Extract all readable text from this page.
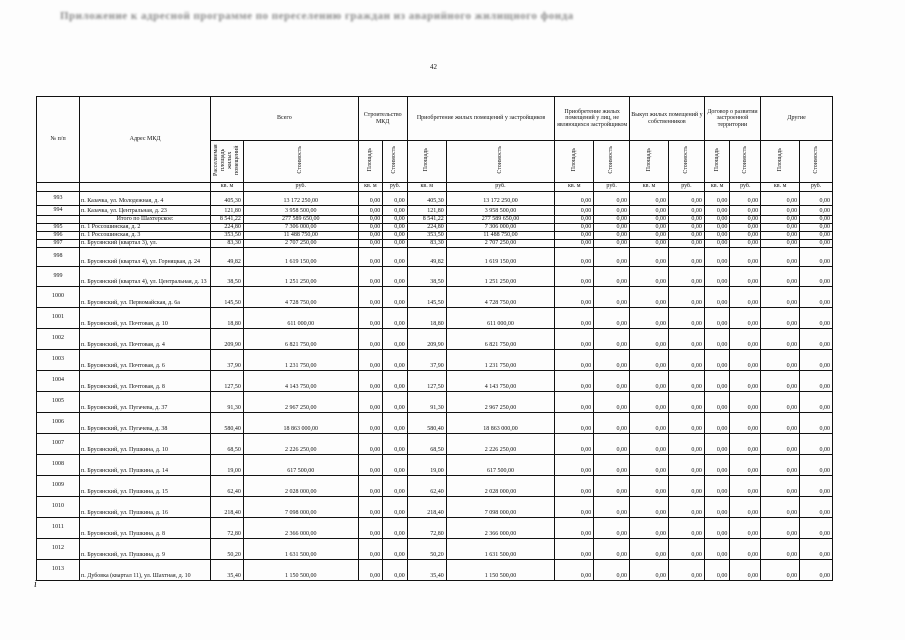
Приложение к адресной программе по переселению граждан из аварийного жилищного фонда
42
i
№ п/п	Адрес МКД	Всего		Строительство МКД		Приобретение жилых помещений у застройщиков		Приобретение жилых помещений у лиц, не являющихся застройщиком		Выкуп жилых помещений у собственников		Договор о развитии застроенной территории		Другие	
		Расселяемая площадь жилых помещений	Стоимость	Площадь	Стоимость	Площадь	Стоимость	Площадь	Стоимость	Площадь	Стоимость	Площадь	Стоимость	Площадь	Стоимость
		кв. м	руб.	кв. м	руб.	кв. м	руб.	кв. м	руб.	кв. м	руб.	кв. м	руб.	кв. м	руб.
993	п. Казачка, ул. Молодежная, д. 4	405,30	13 172 250,00	0,00	0,00	405,30	13 172 250,00	0,00	0,00	0,00	0,00	0,00	0,00	0,00	0,00
994	п. Казачка, ул. Центральная, д. 23	121,80	3 958 500,00	0,00	0,00	121,80	3 958 500,00	0,00	0,00	0,00	0,00	0,00	0,00	0,00	0,00
	Итого по Шахтерское:	8 541,22	277 589 650,00	0,00	0,00	8 541,22	277 589 650,00	0,00	0,00	0,00	0,00	0,00	0,00	0,00	0,00
995	п. 1 Россошинская, д. 2	224,80	7 306 000,00	0,00	0,00	224,80	7 306 000,00	0,00	0,00	0,00	0,00	0,00	0,00	0,00	0,00
996	п. 1 Россошинская, д. 3	353,50	11 488 750,00	0,00	0,00	353,50	11 488 750,00	0,00	0,00	0,00	0,00	0,00	0,00	0,00	0,00
997	п. Брусянский (квартал 3), ул.	83,30	2 707 250,00	0,00	0,00	83,30	2 707 250,00	0,00	0,00	0,00	0,00	0,00	0,00	0,00	0,00
998	п. Брусянский (квартал 4), ул. Горняцкая, д. 24	49,82	1 619 150,00	0,00	0,00	49,82	1 619 150,00	0,00	0,00	0,00	0,00	0,00	0,00	0,00	0,00
999	п. Брусянский (квартал 4), ул. Центральная, д. 13	38,50	1 251 250,00	0,00	0,00	38,50	1 251 250,00	0,00	0,00	0,00	0,00	0,00	0,00	0,00	0,00
1000	п. Брусянский, ул. Первомайская, д. 6а	145,50	4 728 750,00	0,00	0,00	145,50	4 728 750,00	0,00	0,00	0,00	0,00	0,00	0,00	0,00	0,00
1001	п. Брусянский, ул. Почтовая, д. 10	18,80	611 000,00	0,00	0,00	18,80	611 000,00	0,00	0,00	0,00	0,00	0,00	0,00	0,00	0,00
1002	п. Брусянский, ул. Почтовая, д. 4	209,90	6 821 750,00	0,00	0,00	209,90	6 821 750,00	0,00	0,00	0,00	0,00	0,00	0,00	0,00	0,00
1003	п. Брусянский, ул. Почтовая, д. 6	37,90	1 231 750,00	0,00	0,00	37,90	1 231 750,00	0,00	0,00	0,00	0,00	0,00	0,00	0,00	0,00
1004	п. Брусянский, ул. Почтовая, д. 8	127,50	4 143 750,00	0,00	0,00	127,50	4 143 750,00	0,00	0,00	0,00	0,00	0,00	0,00	0,00	0,00
1005	п. Брусянский, ул. Пугачева, д. 37	91,30	2 967 250,00	0,00	0,00	91,30	2 967 250,00	0,00	0,00	0,00	0,00	0,00	0,00	0,00	0,00
1006	п. Брусянский, ул. Пугачева, д. 38	580,40	18 863 000,00	0,00	0,00	580,40	18 863 000,00	0,00	0,00	0,00	0,00	0,00	0,00	0,00	0,00
1007	п. Брусянский, ул. Пушкина, д. 10	68,50	2 226 250,00	0,00	0,00	68,50	2 226 250,00	0,00	0,00	0,00	0,00	0,00	0,00	0,00	0,00
1008	п. Брусянский, ул. Пушкина, д. 14	19,00	617 500,00	0,00	0,00	19,00	617 500,00	0,00	0,00	0,00	0,00	0,00	0,00	0,00	0,00
1009	п. Брусянский, ул. Пушкина, д. 15	62,40	2 028 000,00	0,00	0,00	62,40	2 028 000,00	0,00	0,00	0,00	0,00	0,00	0,00	0,00	0,00
1010	п. Брусянский, ул. Пушкина, д. 16	218,40	7 098 000,00	0,00	0,00	218,40	7 098 000,00	0,00	0,00	0,00	0,00	0,00	0,00	0,00	0,00
1011	п. Брусянский, ул. Пушкина, д. 8	72,80	2 366 000,00	0,00	0,00	72,80	2 366 000,00	0,00	0,00	0,00	0,00	0,00	0,00	0,00	0,00
1012	п. Брусянский, ул. Пушкина, д. 9	50,20	1 631 500,00	0,00	0,00	50,20	1 631 500,00	0,00	0,00	0,00	0,00	0,00	0,00	0,00	0,00
1013	п. Дубовка (квартал 11), ул. Шахтная, д. 10	35,40	1 150 500,00	0,00	0,00	35,40	1 150 500,00	0,00	0,00	0,00	0,00	0,00	0,00	0,00	0,00
